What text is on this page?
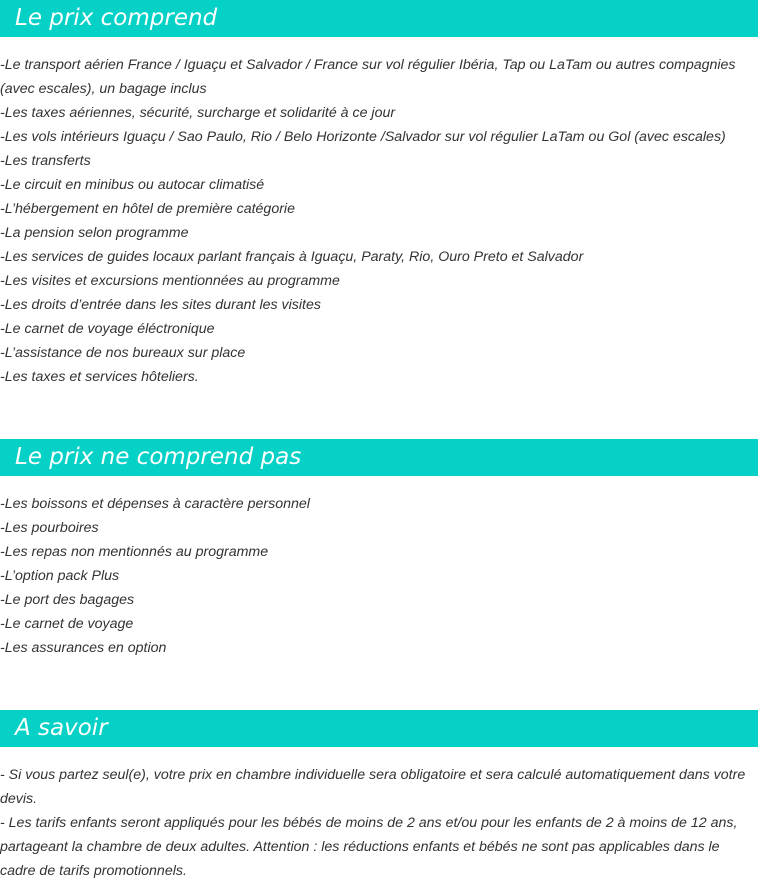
Le prix comprend
-Le transport aérien France / Iguaçu et Salvador / France sur vol régulier Ibéria, Tap ou LaTam ou autres compagnies (avec escales), un bagage inclus
-Les taxes aériennes, sécurité, surcharge et solidarité à ce jour
-Les vols intérieurs Iguaçu / Sao Paulo, Rio / Belo Horizonte /Salvador sur vol régulier LaTam ou Gol (avec escales)
-Les transferts
-Le circuit en minibus ou autocar climatisé
-L’hébergement en hôtel de première catégorie
-La pension selon programme
-Les services de guides locaux parlant français à Iguaçu, Paraty, Rio, Ouro Preto et Salvador
-Les visites et excursions mentionnées au programme
-Les droits d’entrée dans les sites durant les visites
-Le carnet de voyage éléctronique
-L’assistance de nos bureaux sur place
-Les taxes et services hôteliers.
Le prix ne comprend pas
-Les boissons et dépenses à caractère personnel
-Les pourboires
-Les repas non mentionnés au programme
-L’option pack Plus
-Le port des bagages
-Le carnet de voyage
-Les assurances en option
A savoir
- Si vous partez seul(e), votre prix en chambre individuelle sera obligatoire et sera calculé automatiquement dans votre devis.
- Les tarifs enfants seront appliqués pour les bébés de moins de 2 ans et/ou pour les enfants de 2 à moins de 12 ans, partageant la chambre de deux adultes. Attention : les réductions enfants et bébés ne sont pas applicables dans le cadre de tarifs promotionnels.
